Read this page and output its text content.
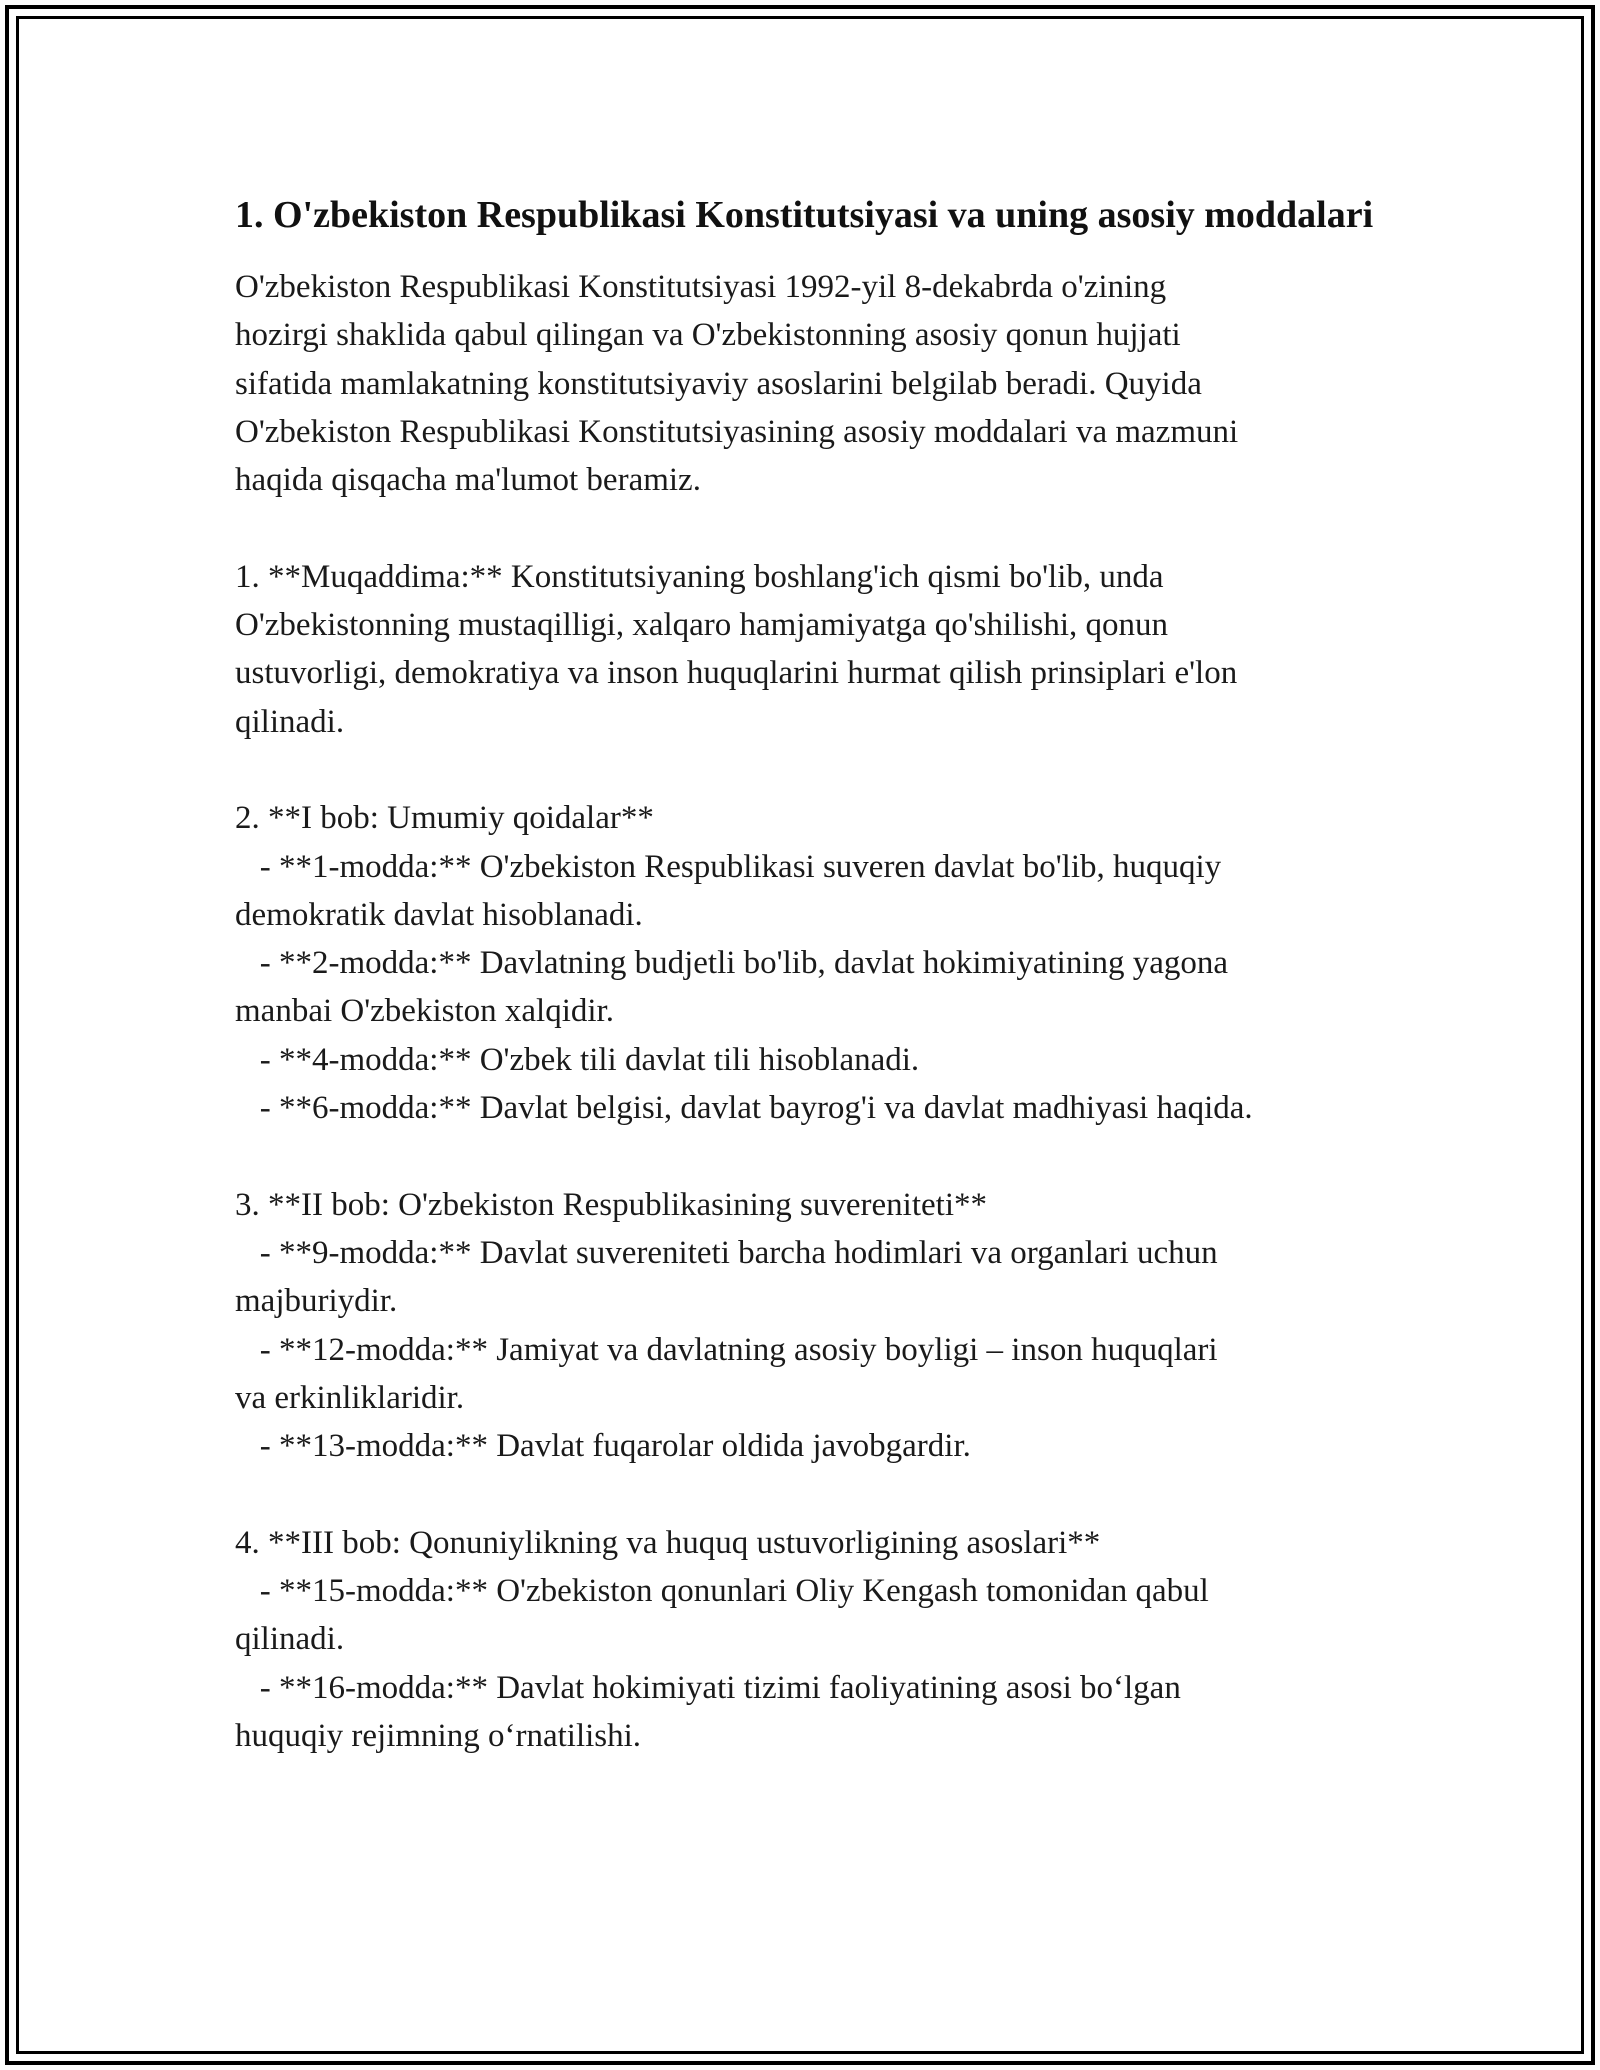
1. O'zbekiston Respublikasi Konstitutsiyasi va uning asosiy moddalari

O'zbekiston Respublikasi Konstitutsiyasi 1992-yil 8-dekabrda o'zining
hozirgi shaklida qabul qilingan va O'zbekistonning asosiy qonun hujjati
sifatida mamlakatning konstitutsiyaviy asoslarini belgilab beradi. Quyida
O'zbekiston Respublikasi Konstitutsiyasining asosiy moddalari va mazmuni
haqida qisqacha ma'lumot beramiz.

1. **Muqaddima:** Konstitutsiyaning boshlang'ich qismi bo'lib, unda
O'zbekistonning mustaqilligi, xalqaro hamjamiyatga qo'shilishi, qonun
ustuvorligi, demokratiya va inson huquqlarini hurmat qilish prinsiplari e'lon
qilinadi.

2. **I bob: Umumiy qoidalar**
- **1-modda:** O'zbekiston Respublikasi suveren davlat bo'lib, huquqiy
demokratik davlat hisoblanadi.
- **2-modda:** Davlatning budjetli bo'lib, davlat hokimiyatining yagona
manbai O'zbekiston xalqidir.
- **4-modda:** O'zbek tili davlat tili hisoblanadi.
- **6-modda:** Davlat belgisi, davlat bayrog'i va davlat madhiyasi haqida.

3. **II bob: O'zbekiston Respublikasining suvereniteti**
- **9-modda:** Davlat suvereniteti barcha hodimlari va organlari uchun
majburiydir.
- **12-modda:** Jamiyat va davlatning asosiy boyligi – inson huquqlari
va erkinliklaridir.
- **13-modda:** Davlat fuqarolar oldida javobgardir.

4. **III bob: Qonuniylikning va huquq ustuvorligining asoslari**
- **15-modda:** O'zbekiston qonunlari Oliy Kengash tomonidan qabul
qilinadi.
- **16-modda:** Davlat hokimiyati tizimi faoliyatining asosi bo‘lgan
huquqiy rejimning o‘rnatilishi.
